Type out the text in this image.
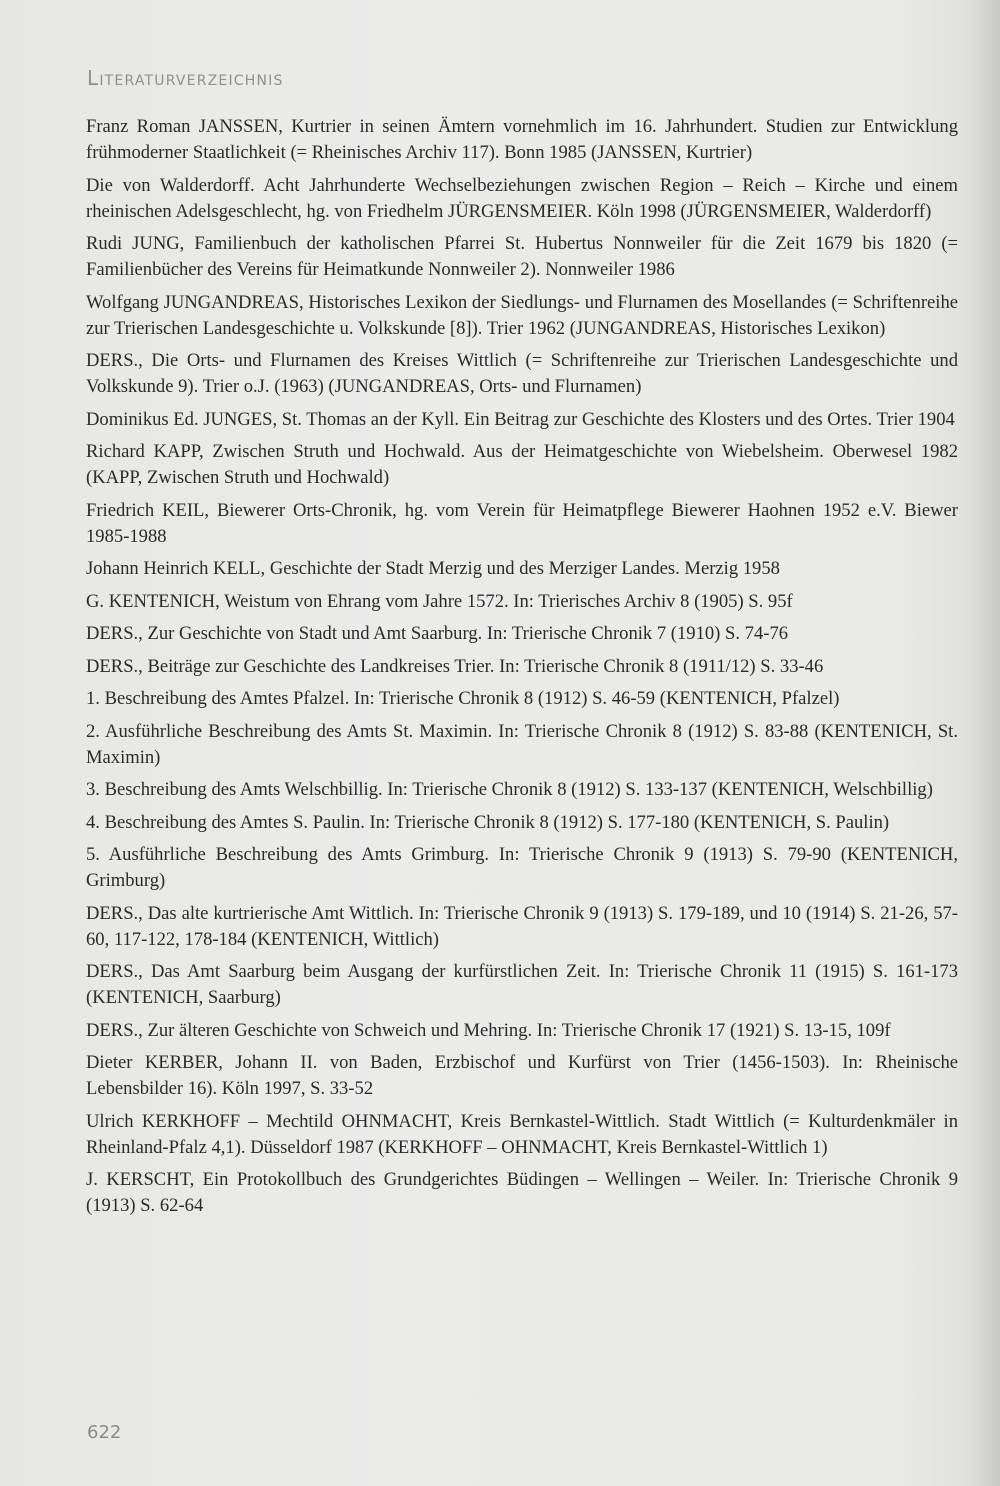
Literaturverzeichnis
Franz Roman JANSSEN, Kurtrier in seinen Ämtern vornehmlich im 16. Jahrhundert. Studien zur Entwicklung frühmoderner Staatlichkeit (= Rheinisches Archiv 117). Bonn 1985 (JANSSEN, Kurtrier)
Die von Walderdorff. Acht Jahrhunderte Wechselbeziehungen zwischen Region – Reich – Kirche und einem rheinischen Adelsgeschlecht, hg. von Friedhelm JÜRGENSMEIER. Köln 1998 (JÜRGENSMEIER, Walderdorff)
Rudi JUNG, Familienbuch der katholischen Pfarrei St. Hubertus Nonnweiler für die Zeit 1679 bis 1820 (= Familienbücher des Vereins für Heimatkunde Nonnweiler 2). Nonnweiler 1986
Wolfgang JUNGANDREAS, Historisches Lexikon der Siedlungs- und Flurnamen des Mosellandes (= Schriftenreihe zur Trierischen Landesgeschichte u. Volkskunde [8]). Trier 1962 (JUNGANDREAS, Historisches Lexikon)
DERS., Die Orts- und Flurnamen des Kreises Wittlich (= Schriftenreihe zur Trierischen Landesgeschichte und Volkskunde 9). Trier o.J. (1963) (JUNGANDREAS, Orts- und Flurnamen)
Dominikus Ed. JUNGES, St. Thomas an der Kyll. Ein Beitrag zur Geschichte des Klosters und des Ortes. Trier 1904
Richard KAPP, Zwischen Struth und Hochwald. Aus der Heimatgeschichte von Wiebelsheim. Oberwesel 1982 (KAPP, Zwischen Struth und Hochwald)
Friedrich KEIL, Biewerer Orts-Chronik, hg. vom Verein für Heimatpflege Biewerer Haohnen 1952 e.V. Biewer 1985-1988
Johann Heinrich KELL, Geschichte der Stadt Merzig und des Merziger Landes. Merzig 1958
G. KENTENICH, Weistum von Ehrang vom Jahre 1572. In: Trierisches Archiv 8 (1905) S. 95f
DERS., Zur Geschichte von Stadt und Amt Saarburg. In: Trierische Chronik 7 (1910) S. 74-76
DERS., Beiträge zur Geschichte des Landkreises Trier. In: Trierische Chronik 8 (1911/12) S. 33-46
1. Beschreibung des Amtes Pfalzel. In: Trierische Chronik 8 (1912) S. 46-59 (KENTENICH, Pfalzel)
2. Ausführliche Beschreibung des Amts St. Maximin. In: Trierische Chronik 8 (1912) S. 83-88 (KENTENICH, St. Maximin)
3. Beschreibung des Amts Welschbillig. In: Trierische Chronik 8 (1912) S. 133-137 (KENTENICH, Welschbillig)
4. Beschreibung des Amtes S. Paulin. In: Trierische Chronik 8 (1912) S. 177-180 (KENTENICH, S. Paulin)
5. Ausführliche Beschreibung des Amts Grimburg. In: Trierische Chronik 9 (1913) S. 79-90 (KENTENICH, Grimburg)
DERS., Das alte kurtrierische Amt Wittlich. In: Trierische Chronik 9 (1913) S. 179-189, und 10 (1914) S. 21-26, 57-60, 117-122, 178-184 (KENTENICH, Wittlich)
DERS., Das Amt Saarburg beim Ausgang der kurfürstlichen Zeit. In: Trierische Chronik 11 (1915) S. 161-173 (KENTENICH, Saarburg)
DERS., Zur älteren Geschichte von Schweich und Mehring. In: Trierische Chronik 17 (1921) S. 13-15, 109f
Dieter KERBER, Johann II. von Baden, Erzbischof und Kurfürst von Trier (1456-1503). In: Rheinische Lebensbilder 16). Köln 1997, S. 33-52
Ulrich KERKHOFF – Mechtild OHNMACHT, Kreis Bernkastel-Wittlich. Stadt Wittlich (= Kulturdenkmäler in Rheinland-Pfalz 4,1). Düsseldorf 1987 (KERKHOFF – OHNMACHT, Kreis Bernkastel-Wittlich 1)
J. KERSCHT, Ein Protokollbuch des Grundgerichtes Büdingen – Wellingen – Weiler. In: Trierische Chronik 9 (1913) S. 62-64
622
